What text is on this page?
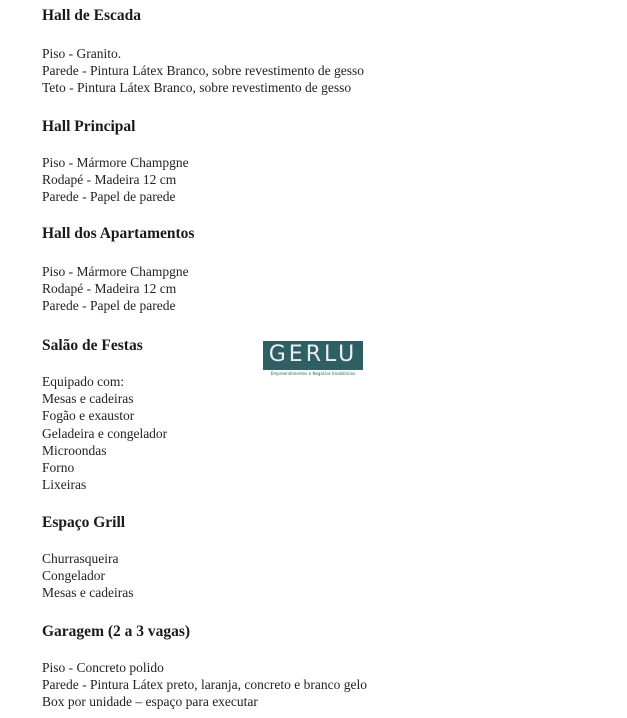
Hall de Escada
Piso - Granito.
Parede - Pintura Látex Branco, sobre revestimento de gesso
Teto - Pintura Látex Branco, sobre revestimento de gesso
Hall Principal
Piso - Mármore Champgne
Rodapé - Madeira 12 cm
Parede - Papel de parede
Hall dos Apartamentos
Piso - Mármore Champgne
Rodapé - Madeira 12 cm
Parede - Papel de parede
Salão de Festas
Equipado com:
Mesas e cadeiras
Fogão e exaustor
Geladeira e congelador
Microondas
Forno
Lixeiras
Espaço Grill
Churrasqueira
Congelador
Mesas e cadeiras
Garagem (2 a 3 vagas)
Piso - Concreto polido
Parede - Pintura Látex preto, laranja, concreto e branco gelo
Box por unidade – espaço para executar
GERLU
Empreendimentos e Negócios Imobiliários
